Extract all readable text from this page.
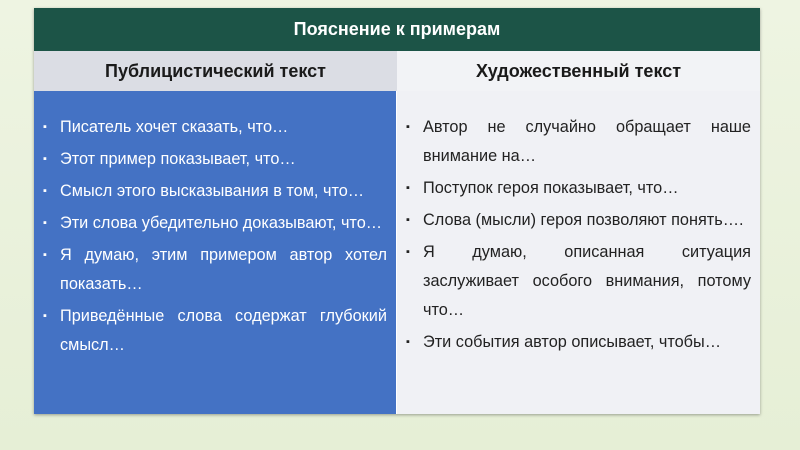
Пояснение к примерам
Публицистический текст	Художественный текст
▪ Писатель хочет сказать, что…
▪ Этот пример показывает, что…
▪ Смысл этого высказывания в том, что…
▪ Эти слова убедительно доказывают, что…
▪ Я думаю, этим примером автор хотел показать…
▪ Приведённые слова содержат глубокий смысл…
▪ Автор не случайно обращает наше внимание на…
▪ Поступок героя показывает, что…
▪ Слова (мысли) героя позволяют понять….
▪ Я думаю, описанная ситуация заслуживает особого внимания, потому что…
▪ Эти события автор описывает, чтобы…
